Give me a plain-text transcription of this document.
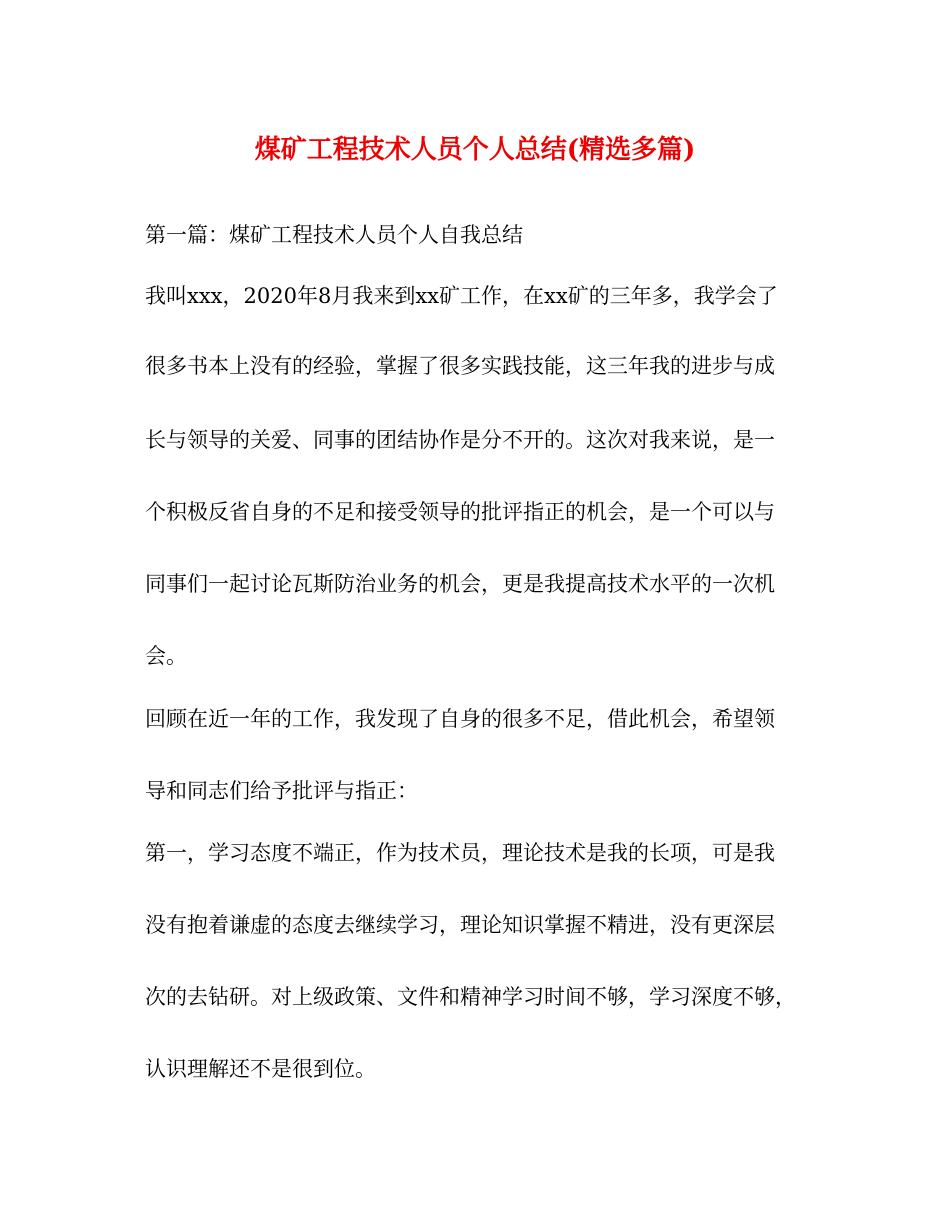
煤矿工程技术人员个人总结(精选多篇)
第一篇：煤矿工程技术人员个人自我总结
我叫xxx，2020年8月我来到xx矿工作，在xx矿的三年多，我学会了
很多书本上没有的经验，掌握了很多实践技能，这三年我的进步与成
长与领导的关爱、同事的团结协作是分不开的。这次对我来说，是一
个积极反省自身的不足和接受领导的批评指正的机会，是一个可以与
同事们一起讨论瓦斯防治业务的机会，更是我提高技术水平的一次机
会。
回顾在近一年的工作，我发现了自身的很多不足，借此机会，希望领
导和同志们给予批评与指正：
第一，学习态度不端正，作为技术员，理论技术是我的长项，可是我
没有抱着谦虚的态度去继续学习，理论知识掌握不精进，没有更深层
次的去钻研。对上级政策、文件和精神学习时间不够，学习深度不够，
认识理解还不是很到位。
